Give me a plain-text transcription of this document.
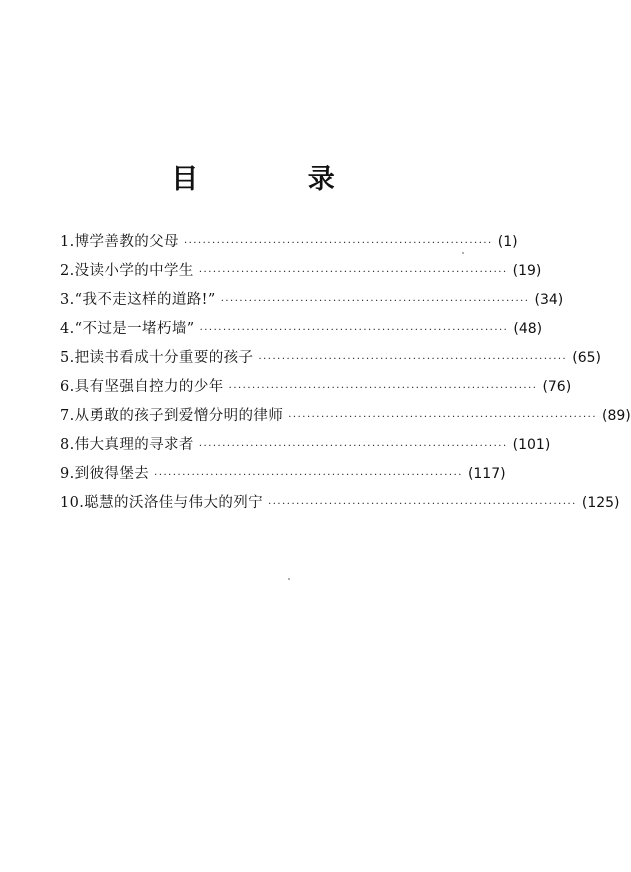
目 录
1.博学善教的父母 ·································································· (1)
2.没读小学的中学生 ·································································· (19)
3.“我不走这样的道路!” ·································································· (34)
4.“不过是一堵朽墙” ·································································· (48)
5.把读书看成十分重要的孩子 ·································································· (65)
6.具有坚强自控力的少年 ·································································· (76)
7.从勇敢的孩子到爱憎分明的律师 ·································································· (89)
8.伟大真理的寻求者 ·································································· (101)
9.到彼得堡去 ·································································· (117)
10.聪慧的沃洛佳与伟大的列宁 ·································································· (125)
